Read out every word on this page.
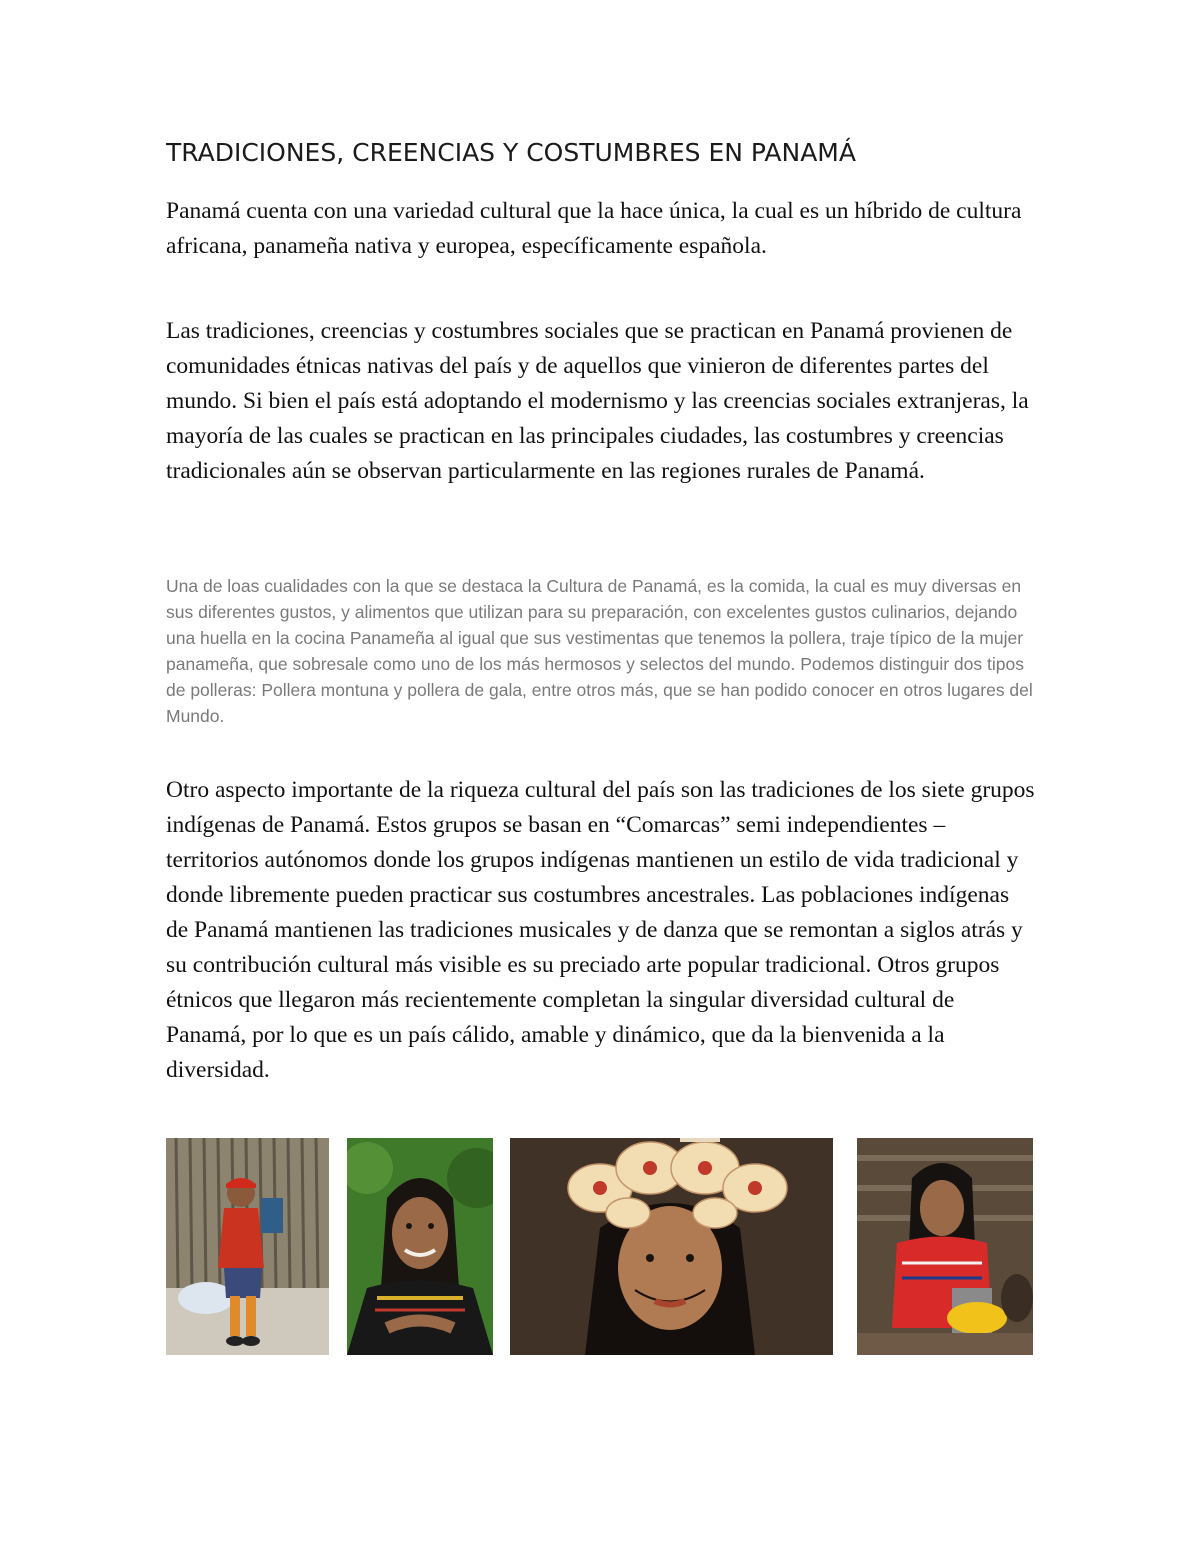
TRADICIONES, CREENCIAS Y COSTUMBRES EN PANAMÁ

Panamá cuenta con una variedad cultural que la hace única, la cual es un híbrido de cultura africana, panameña nativa y europea, específicamente española.

Las tradiciones, creencias y costumbres sociales que se practican en Panamá provienen de comunidades étnicas nativas del país y de aquellos que vinieron de diferentes partes del mundo. Si bien el país está adoptando el modernismo y las creencias sociales extranjeras, la mayoría de las cuales se practican en las principales ciudades, las costumbres y creencias tradicionales aún se observan particularmente en las regiones rurales de Panamá.

Una de loas cualidades con la que se destaca la Cultura de Panamá, es la comida, la cual es muy diversas en sus diferentes gustos, y alimentos que utilizan para su preparación, con excelentes gustos culinarios, dejando una huella en la cocina Panameña al igual que sus vestimentas que tenemos la pollera, traje típico de la mujer panameña, que sobresale como uno de los más hermosos y selectos del mundo. Podemos distinguir dos tipos de polleras: Pollera montuna y pollera de gala, entre otros más, que se han podido conocer en otros lugares del Mundo.

Otro aspecto importante de la riqueza cultural del país son las tradiciones de los siete grupos indígenas de Panamá. Estos grupos se basan en “Comarcas” semi independientes – territorios autónomos donde los grupos indígenas mantienen un estilo de vida tradicional y donde libremente pueden practicar sus costumbres ancestrales. Las poblaciones indígenas de Panamá mantienen las tradiciones musicales y de danza que se remontan a siglos atrás y su contribución cultural más visible es su preciado arte popular tradicional. Otros grupos étnicos que llegaron más recientemente completan la singular diversidad cultural de Panamá, por lo que es un país cálido, amable y dinámico, que da la bienvenida a la diversidad.
